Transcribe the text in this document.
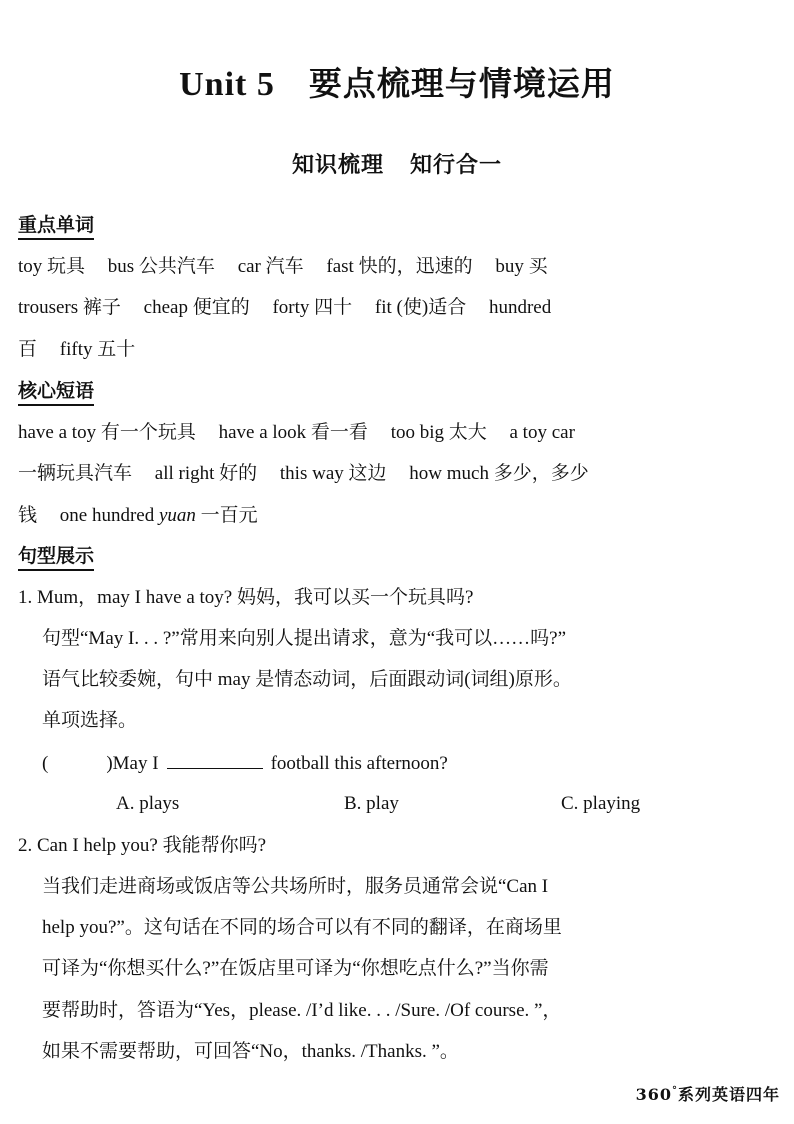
Unit 5 要点梳理与情境运用
知识梳理 知行合一
重点单词
toy 玩具 bus 公共汽车 car 汽车 fast 快的，迅速的 buy 买
trousers 裤子 cheap 便宜的 forty 四十 fit (使)适合 hundred
百 fifty 五十
核心短语
have a toy 有一个玩具 have a look 看一看 too big 太大 a toy car
一辆玩具汽车 all right 好的 this way 这边 how much 多少，多少
钱 one hundred yuan 一百元
句型展示
1. Mum，may I have a toy? 妈妈，我可以买一个玩具吗?
句型“May I. . . ?”常用来向别人提出请求，意为“我可以……吗?”
语气比较委婉，句中 may 是情态动词，后面跟动词(词组)原形。
单项选择。
(	)May I	football this afternoon?
A. plays	B. play	C. playing
2. Can I help you? 我能帮你吗?
当我们走进商场或饭店等公共场所时，服务员通常会说“Can I
help you?”。这句话在不同的场合可以有不同的翻译，在商场里
可译为“你想买什么?”在饭店里可译为“你想吃点什么?”当你需
要帮助时，答语为“Yes，please. /I’d like. . . /Sure. /Of course. ”，
如果不需要帮助，可回答“No，thanks. /Thanks. ”。
360°系列英语四年
